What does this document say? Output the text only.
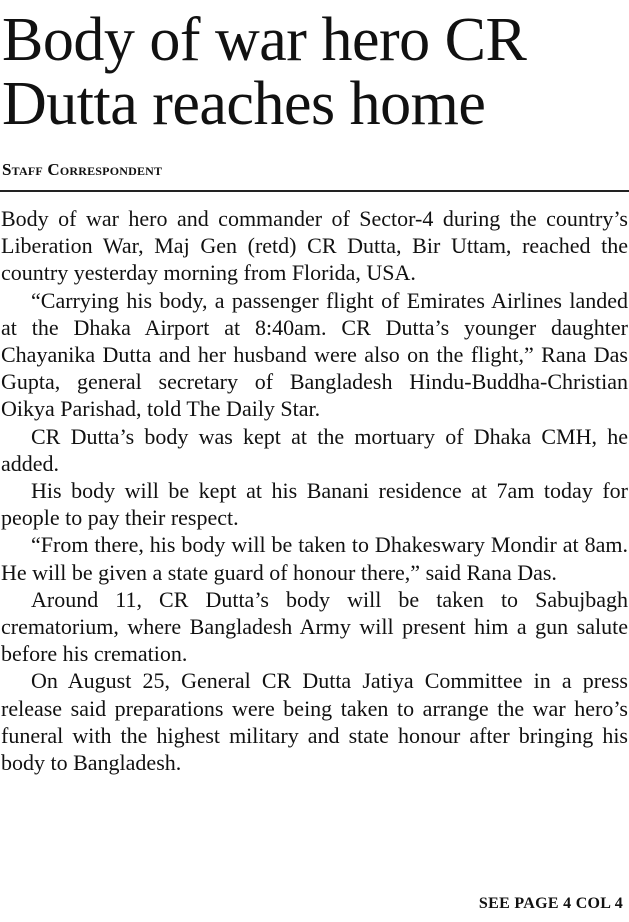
Body of war hero CR Dutta reaches home
Staff Correspondent

Body of war hero and commander of Sector-4 during the country’s Liberation War, Maj Gen (retd) CR Dutta, Bir Uttam, reached the country yesterday morning from Florida, USA.

“Carrying his body, a passenger flight of Emirates Airlines landed at the Dhaka Airport at 8:40am. CR Dutta’s younger daughter Chayanika Dutta and her husband were also on the flight,” Rana Das Gupta, general secretary of Bangladesh Hindu-Buddha-Christian Oikya Parishad, told The Daily Star.

CR Dutta’s body was kept at the mortuary of Dhaka CMH, he added.

His body will be kept at his Banani residence at 7am today for people to pay their respect.

“From there, his body will be taken to Dhakeswary Mondir at 8am. He will be given a state guard of honour there,” said Rana Das.

Around 11, CR Dutta’s body will be taken to Sabujbagh crematorium, where Bangladesh Army will present him a gun salute before his cremation.

On August 25, General CR Dutta Jatiya Committee in a press release said preparations were being taken to arrange the war hero’s funeral with the highest military and state honour after bringing his body to Bangladesh.

SEE PAGE 4 COL 4
